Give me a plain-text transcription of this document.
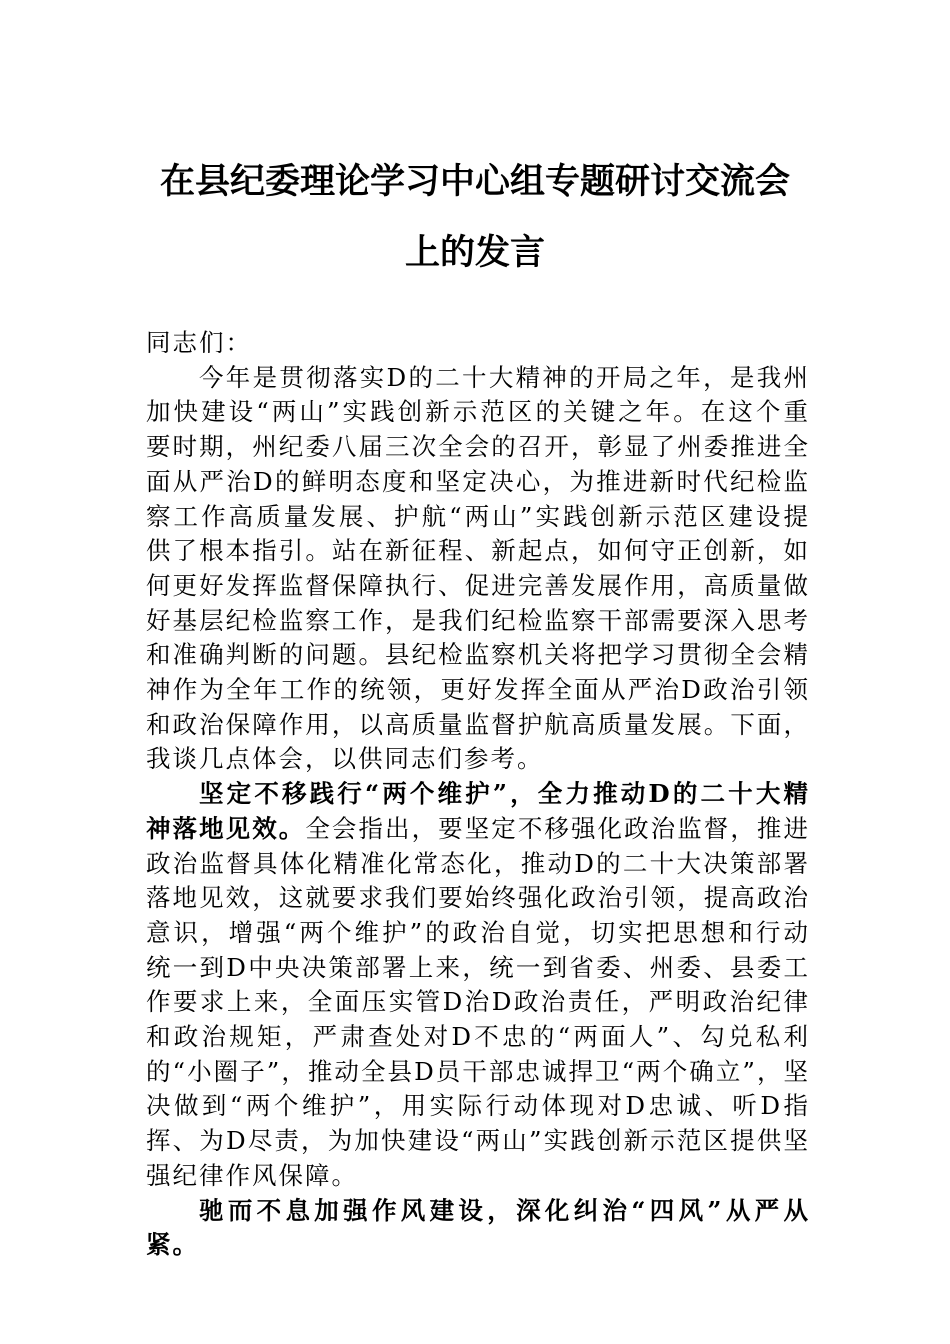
在县纪委理论学习中心组专题研讨交流会
上的发言

同志们：

今年是贯彻落实D的二十大精神的开局之年，是我州加快建设“两山”实践创新示范区的关键之年。在这个重要时期，州纪委八届三次全会的召开，彰显了州委推进全面从严治D的鲜明态度和坚定决心，为推进新时代纪检监察工作高质量发展、护航“两山”实践创新示范区建设提供了根本指引。站在新征程、新起点，如何守正创新，如何更好发挥监督保障执行、促进完善发展作用，高质量做好基层纪检监察工作，是我们纪检监察干部需要深入思考和准确判断的问题。县纪检监察机关将把学习贯彻全会精神作为全年工作的统领，更好发挥全面从严治D政治引领和政治保障作用，以高质量监督护航高质量发展。下面，我谈几点体会，以供同志们参考。

坚定不移践行“两个维护”，全力推动D的二十大精神落地见效。全会指出，要坚定不移强化政治监督，推进政治监督具体化精准化常态化，推动D的二十大决策部署落地见效，这就要求我们要始终强化政治引领，提高政治意识，增强“两个维护”的政治自觉，切实把思想和行动统一到D中央决策部署上来，统一到省委、州委、县委工作要求上来，全面压实管D治D政治责任，严明政治纪律和政治规矩，严肃查处对D不忠的“两面人”、勾兑私利的“小圈子”，推动全县D员干部忠诚捍卫“两个确立”，坚决做到“两个维护”，用实际行动体现对D忠诚、听D指挥、为D尽责，为加快建设“两山”实践创新示范区提供坚强纪律作风保障。

驰而不息加强作风建设，深化纠治“四风”从严从紧。
